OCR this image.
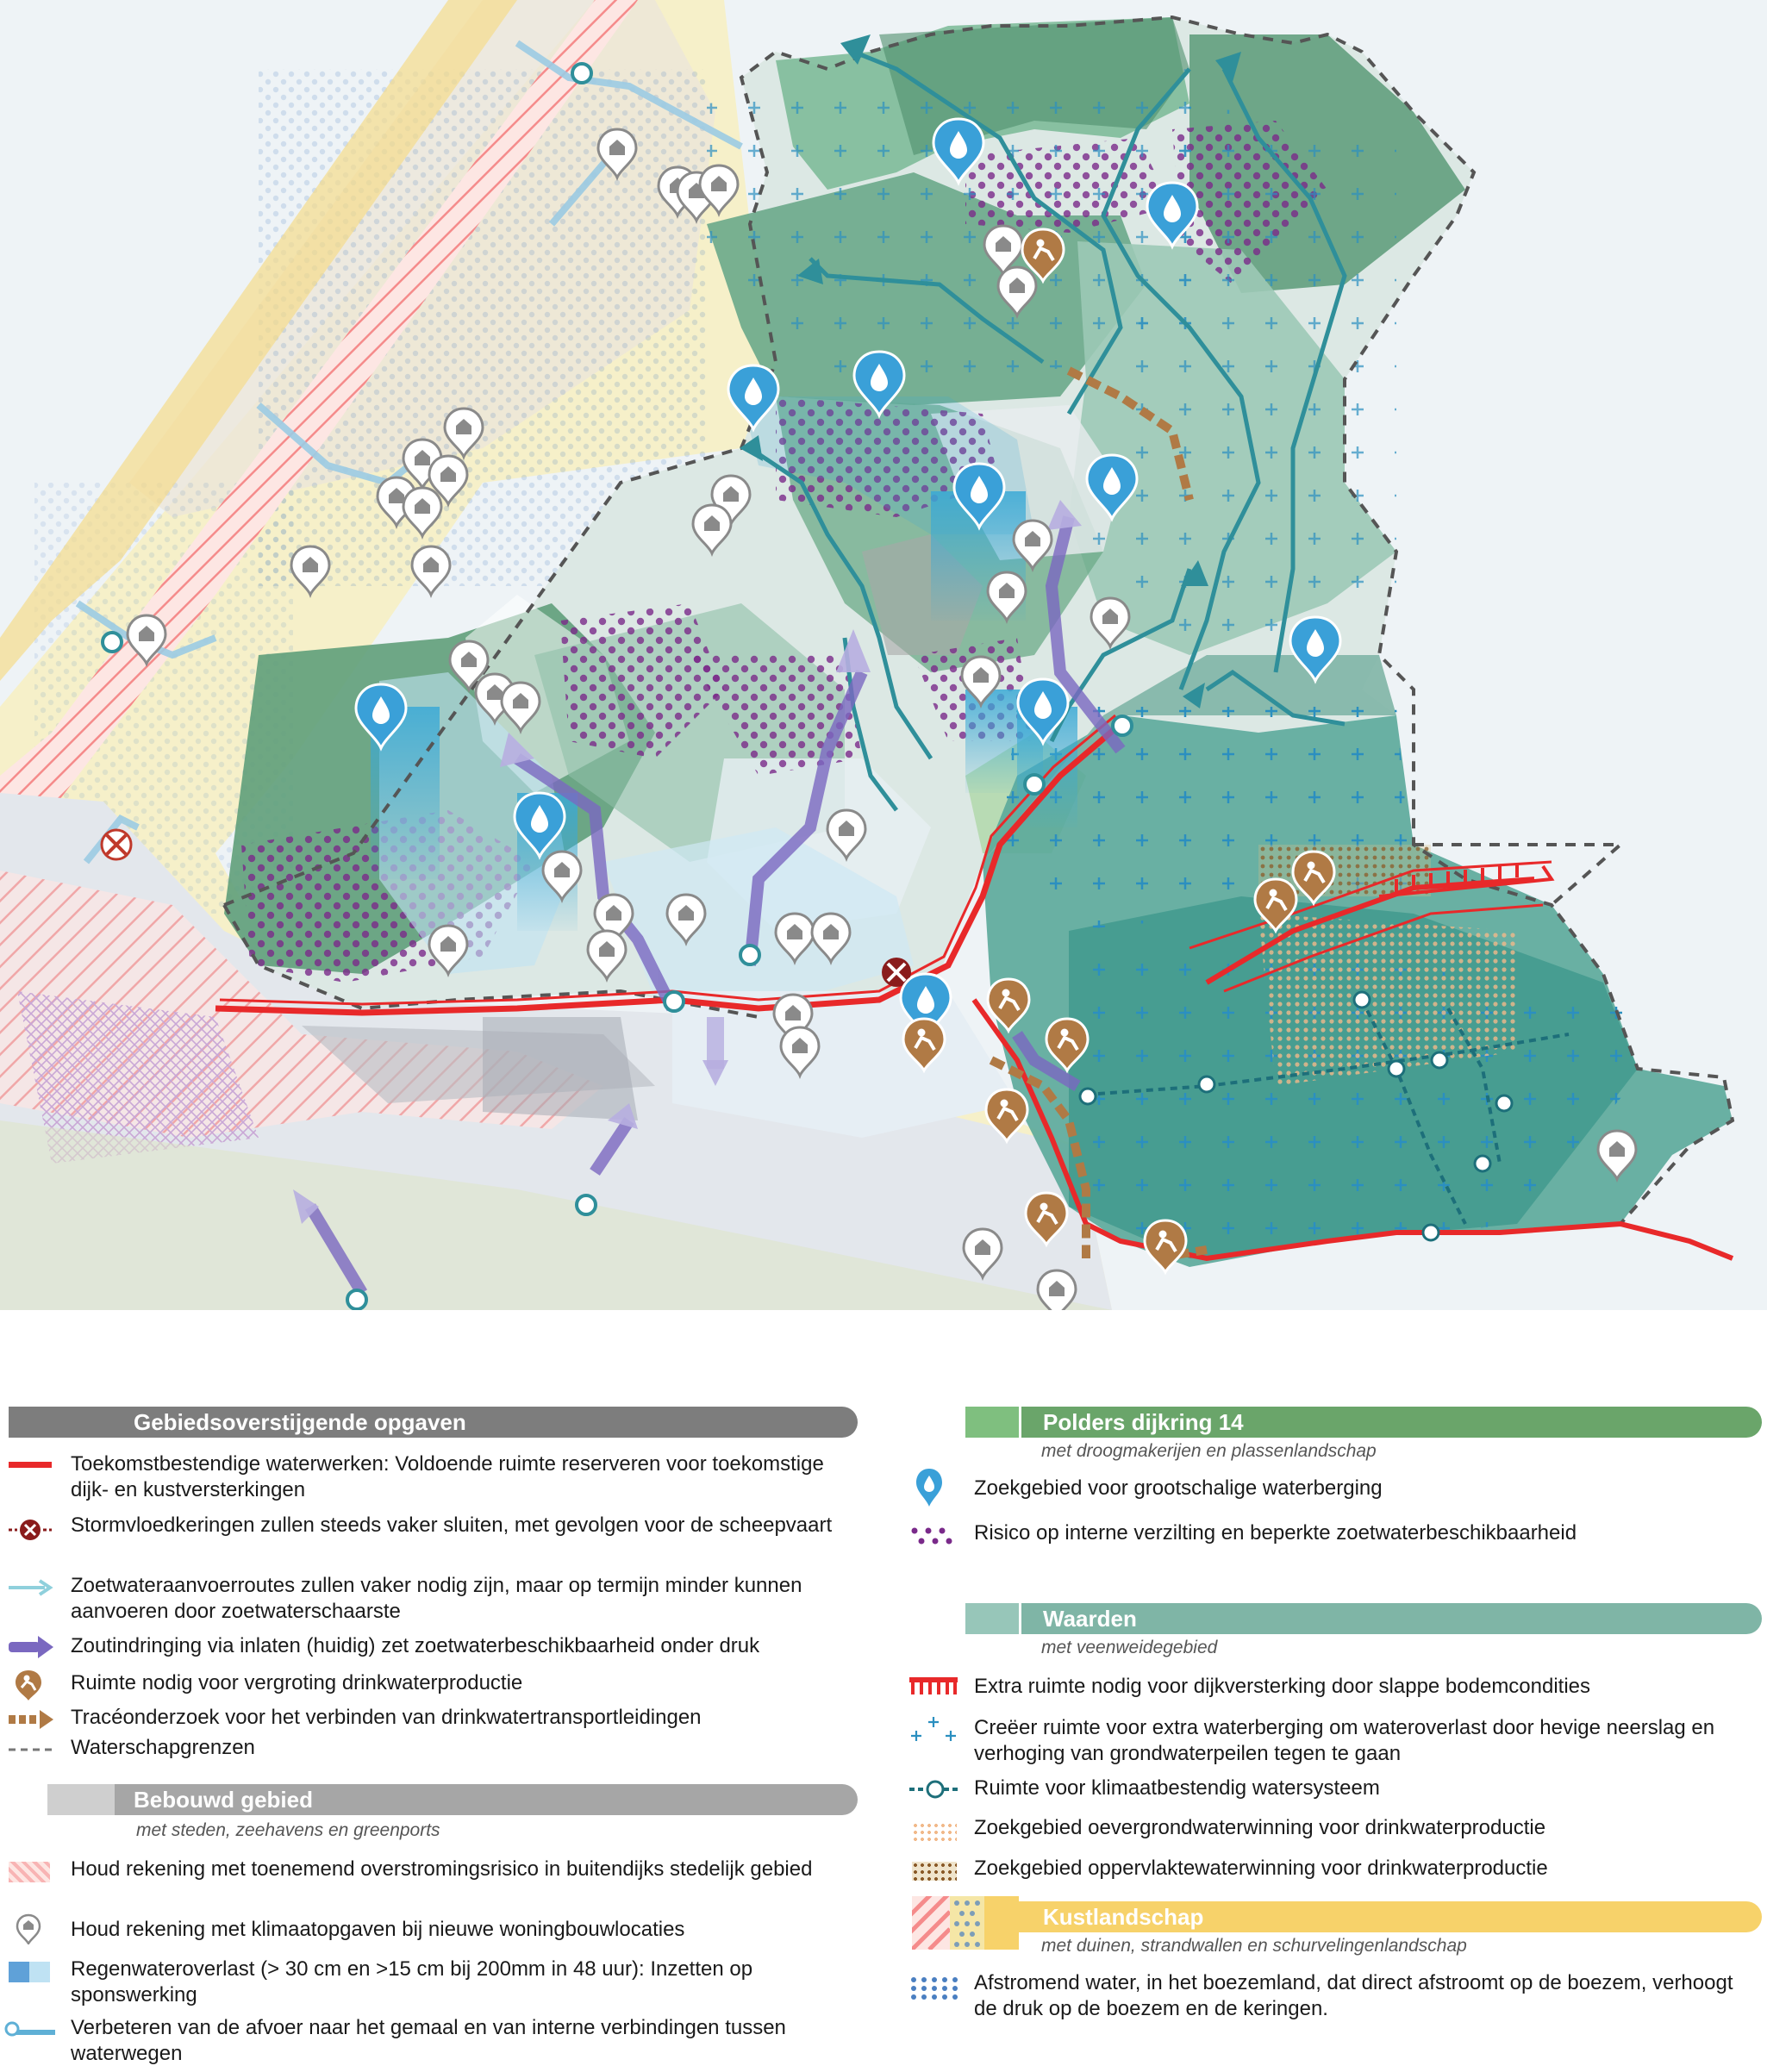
Gebiedsoverstijgende opgaven
Toekomstbestendige waterwerken: Voldoende ruimte reserveren voor toekomstige dijk- en kustversterkingen
Stormvloedkeringen zullen steeds vaker sluiten, met gevolgen voor de scheepvaart
Zoetwateraanvoerroutes zullen vaker nodig zijn, maar op termijn minder kunnen aanvoeren door zoetwaterschaarste
Zoutindringing via inlaten (huidig) zet zoetwaterbeschikbaarheid onder druk
Ruimte nodig voor vergroting drinkwaterproductie
Tracéonderzoek voor het verbinden van drinkwatertransportleidingen
Waterschapgrenzen
Bebouwd gebied
met steden, zeehavens en greenports
Houd rekening met toenemend overstromingsrisico in buitendijks stedelijk gebied
Houd rekening met klimaatopgaven bij nieuwe woningbouwlocaties
Regenwateroverlast (> 30 cm en >15 cm bij 200mm in 48 uur): Inzetten op sponswerking
Verbeteren van de afvoer naar het gemaal en van interne verbindingen tussen waterwegen
Polders dijkring 14
met droogmakerijen en plassenlandschap
Zoekgebied voor grootschalige waterberging
Risico op interne verzilting en beperkte zoetwaterbeschikbaarheid
Waarden
met veenweidegebied
Extra ruimte nodig voor dijkversterking door slappe bodemcondities
Creëer ruimte voor extra waterberging om wateroverlast door hevige neerslag en verhoging van grondwaterpeilen tegen te gaan
Ruimte voor klimaatbestendig watersysteem
Zoekgebied oevergrondwaterwinning voor drinkwaterproductie
Zoekgebied oppervlaktewaterwinning voor drinkwaterproductie
Kustlandschap
met duinen, strandwallen en schurvelingenlandschap
Afstromend water, in het boezemland, dat direct afstroomt op de boezem, verhoogt de druk op de boezem en de keringen.
